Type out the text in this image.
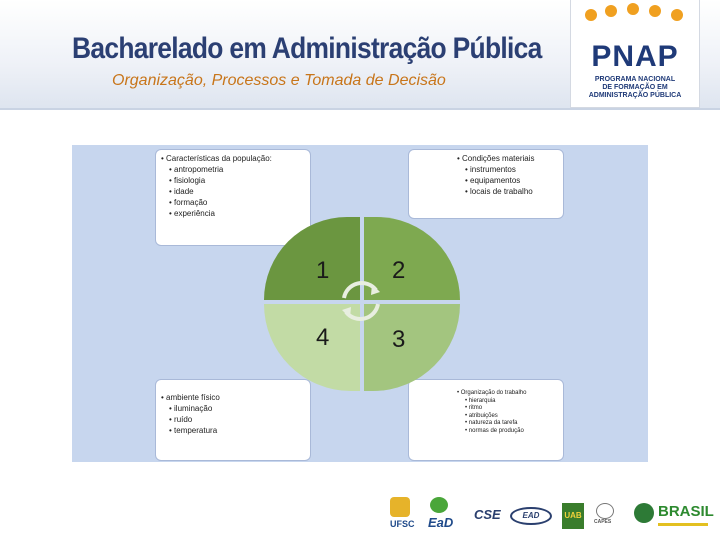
Bacharelado em Administração Pública
Organização, Processos e Tomada de Decisão
PNAP
PROGRAMA NACIONAL
DE FORMAÇÃO EM
ADMINISTRAÇÃO PÚBLICA
• Características da população:
• antropometria
• fisiologia
• idade
• formação
• experiência
• Condições materiais
• instrumentos
• equipamentos
• locais de trabalho
• ambiente físico
• iluminação
• ruído
• temperatura
• Organização do trabalho
• hierarquia
• ritmo
• atribuições
• natureza da tarefa
• normas de produção
1	2
4	3
UFSC EaD
CSE	EAD	UAB
CAPES
BRASIL
